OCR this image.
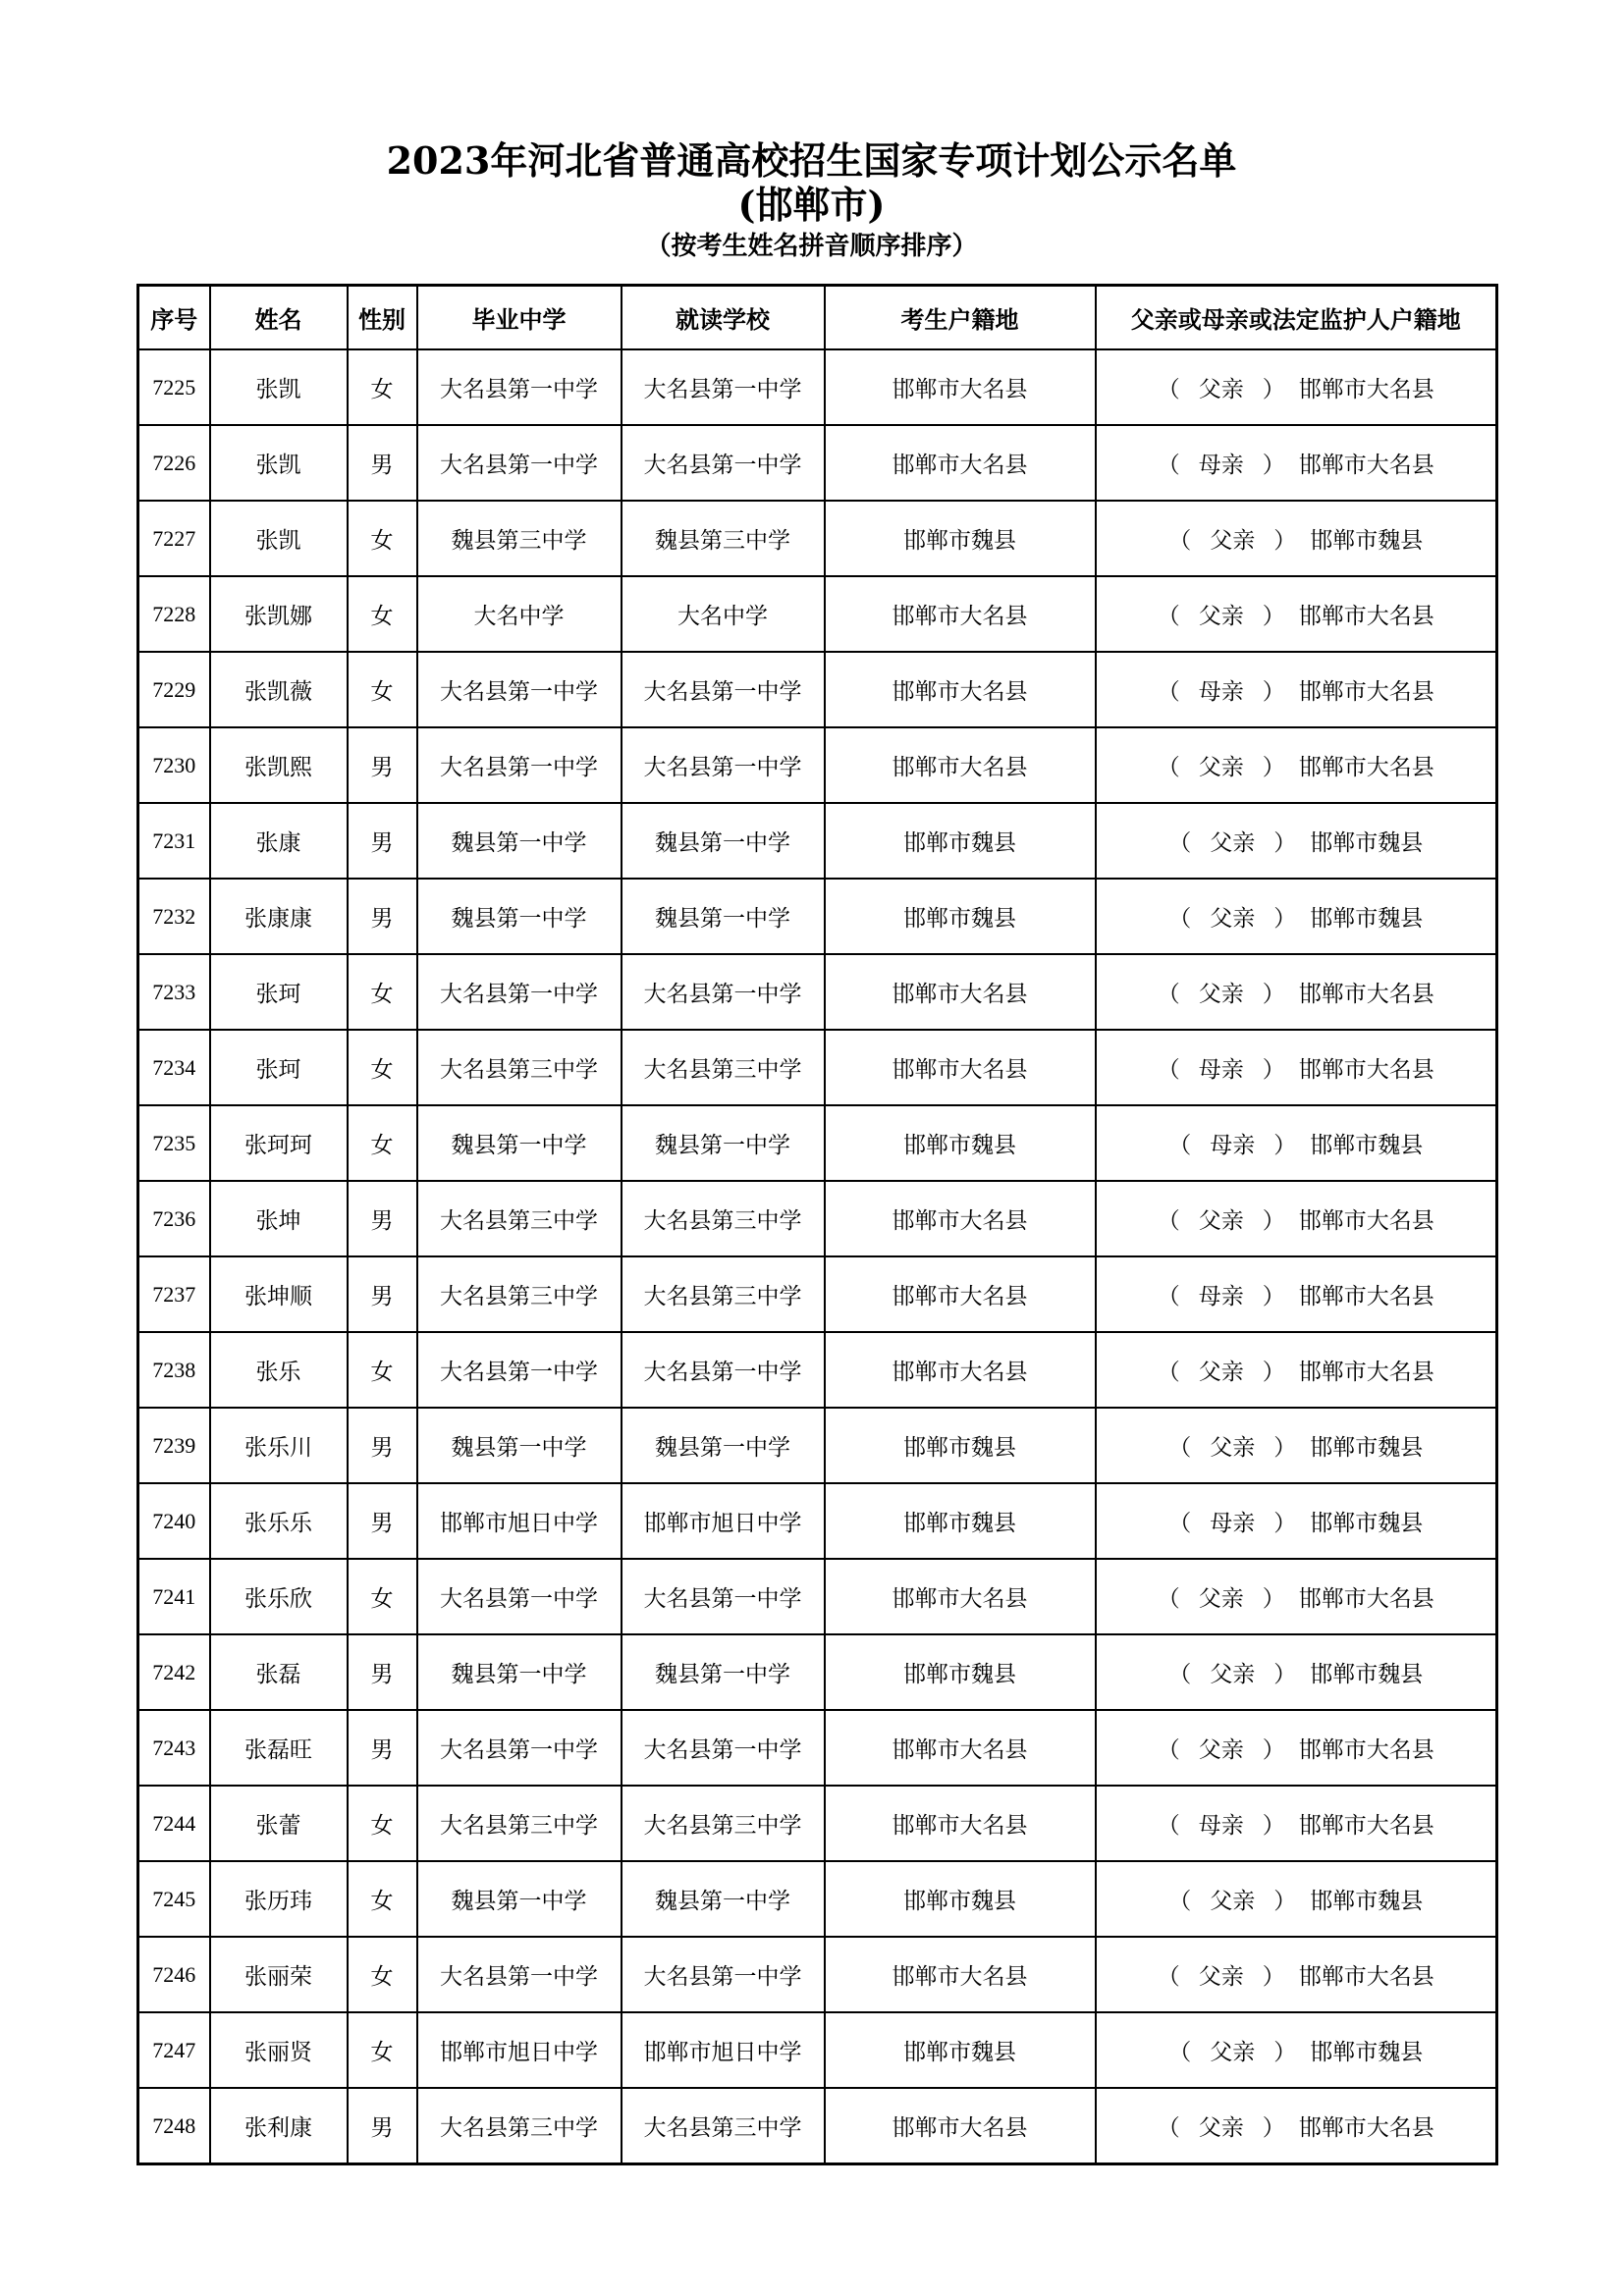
2023年河北省普通高校招生国家专项计划公示名单
(邯郸市)
（按考生姓名拼音顺序排序）
序号	姓名	性别	毕业中学	就读学校	考生户籍地	父亲或母亲或法定监护人户籍地
7225	张凯	女	大名县第一中学	大名县第一中学	邯郸市大名县	（ 父亲 ） 邯郸市大名县
7226	张凯	男	大名县第一中学	大名县第一中学	邯郸市大名县	（ 母亲 ） 邯郸市大名县
7227	张凯	女	魏县第三中学	魏县第三中学	邯郸市魏县	（ 父亲 ） 邯郸市魏县
7228	张凯娜	女	大名中学	大名中学	邯郸市大名县	（ 父亲 ） 邯郸市大名县
7229	张凯薇	女	大名县第一中学	大名县第一中学	邯郸市大名县	（ 母亲 ） 邯郸市大名县
7230	张凯熙	男	大名县第一中学	大名县第一中学	邯郸市大名县	（ 父亲 ） 邯郸市大名县
7231	张康	男	魏县第一中学	魏县第一中学	邯郸市魏县	（ 父亲 ） 邯郸市魏县
7232	张康康	男	魏县第一中学	魏县第一中学	邯郸市魏县	（ 父亲 ） 邯郸市魏县
7233	张珂	女	大名县第一中学	大名县第一中学	邯郸市大名县	（ 父亲 ） 邯郸市大名县
7234	张珂	女	大名县第三中学	大名县第三中学	邯郸市大名县	（ 母亲 ） 邯郸市大名县
7235	张珂珂	女	魏县第一中学	魏县第一中学	邯郸市魏县	（ 母亲 ） 邯郸市魏县
7236	张坤	男	大名县第三中学	大名县第三中学	邯郸市大名县	（ 父亲 ） 邯郸市大名县
7237	张坤顺	男	大名县第三中学	大名县第三中学	邯郸市大名县	（ 母亲 ） 邯郸市大名县
7238	张乐	女	大名县第一中学	大名县第一中学	邯郸市大名县	（ 父亲 ） 邯郸市大名县
7239	张乐川	男	魏县第一中学	魏县第一中学	邯郸市魏县	（ 父亲 ） 邯郸市魏县
7240	张乐乐	男	邯郸市旭日中学	邯郸市旭日中学	邯郸市魏县	（ 母亲 ） 邯郸市魏县
7241	张乐欣	女	大名县第一中学	大名县第一中学	邯郸市大名县	（ 父亲 ） 邯郸市大名县
7242	张磊	男	魏县第一中学	魏县第一中学	邯郸市魏县	（ 父亲 ） 邯郸市魏县
7243	张磊旺	男	大名县第一中学	大名县第一中学	邯郸市大名县	（ 父亲 ） 邯郸市大名县
7244	张蕾	女	大名县第三中学	大名县第三中学	邯郸市大名县	（ 母亲 ） 邯郸市大名县
7245	张历玮	女	魏县第一中学	魏县第一中学	邯郸市魏县	（ 父亲 ） 邯郸市魏县
7246	张丽荣	女	大名县第一中学	大名县第一中学	邯郸市大名县	（ 父亲 ） 邯郸市大名县
7247	张丽贤	女	邯郸市旭日中学	邯郸市旭日中学	邯郸市魏县	（ 父亲 ） 邯郸市魏县
7248	张利康	男	大名县第三中学	大名县第三中学	邯郸市大名县	（ 父亲 ） 邯郸市大名县
